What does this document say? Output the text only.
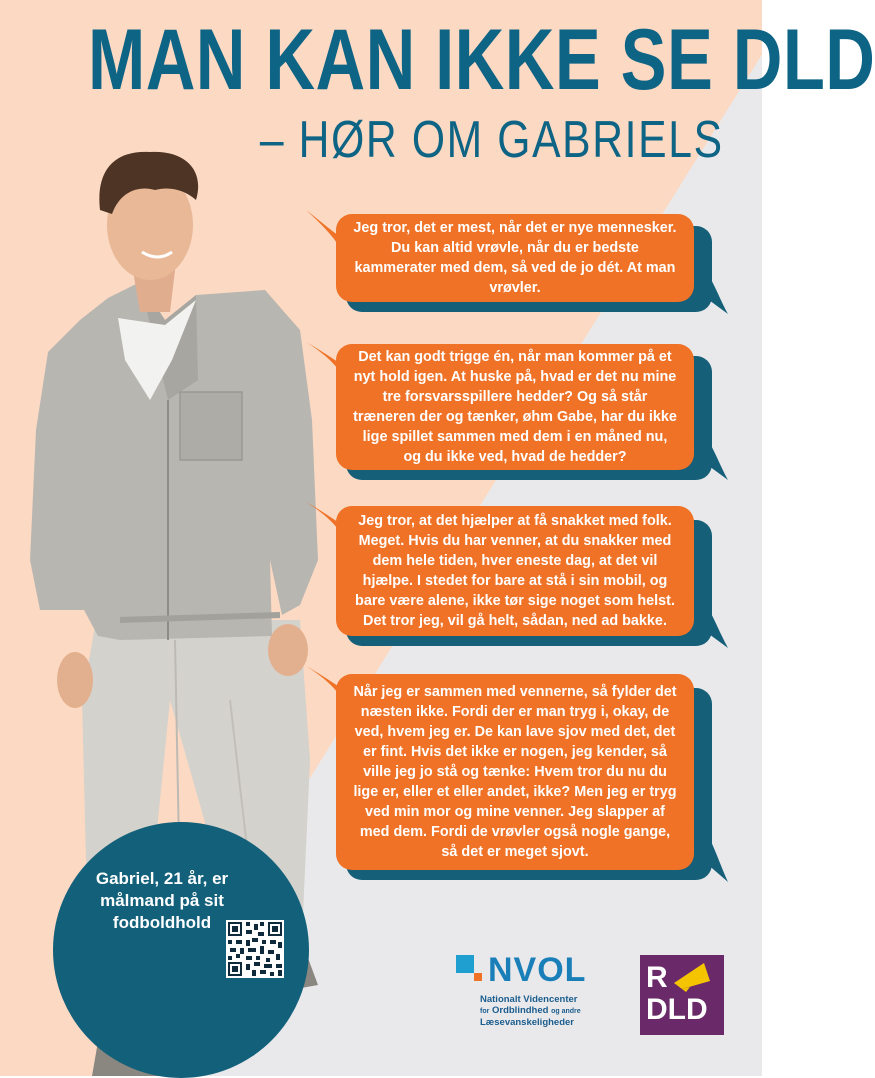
MAN KAN IKKE SE DLD
– HØR OM GABRIELS
Jeg tror, det er mest, når det er nye mennesker. Du kan altid vrøvle, når du er bedste kammerater med dem, så ved de jo dét. At man vrøvler.
Det kan godt trigge én, når man kommer på et nyt hold igen. At huske på, hvad er det nu mine tre forsvarsspillere hedder? Og så står træneren der og tænker, øhm Gabe, har du ikke lige spillet sammen med dem i en måned nu, og du ikke ved, hvad de hedder?
Jeg tror, at det hjælper at få snakket med folk. Meget. Hvis du har venner, at du snakker med dem hele tiden, hver eneste dag, at det vil hjælpe. I stedet for bare at stå i sin mobil, og bare være alene, ikke tør sige noget som helst. Det tror jeg, vil gå helt, sådan, ned ad bakke.
Når jeg er sammen med vennerne, så fylder det næsten ikke. Fordi der er man tryg i, okay, de ved, hvem jeg er. De kan lave sjov med det, det er fint. Hvis det ikke er nogen, jeg kender, så ville jeg jo stå og tænke: Hvem tror du nu du lige er, eller et eller andet, ikke? Men jeg er tryg ved min mor og mine venner. Jeg slapper af med dem. Fordi de vrøvler også nogle gange, så det er meget sjovt.
Gabriel, 21 år, er målmand på sit fodboldhold
NVOL
Nationalt Videncenter
for Ordblindhed og andre
Læsevanskeligheder
R
DLD
